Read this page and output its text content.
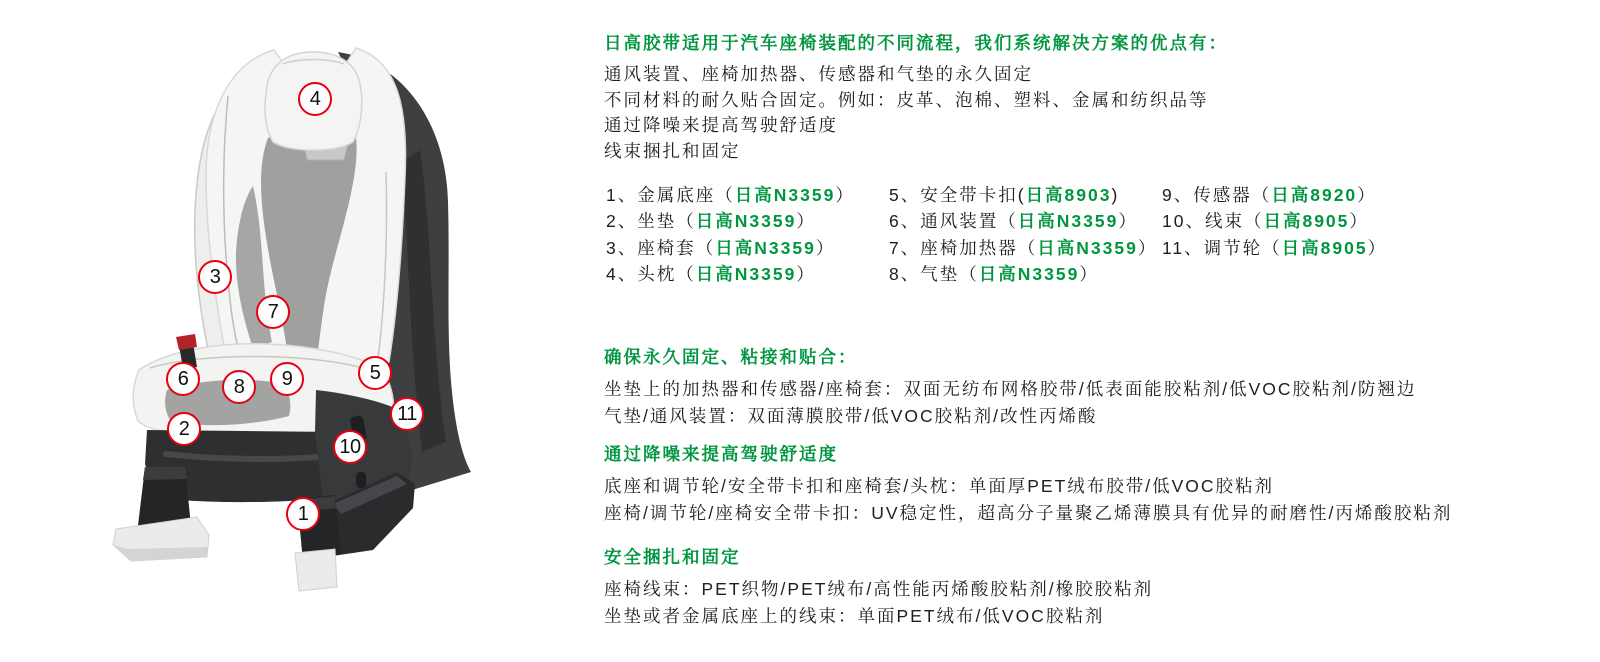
1
2
3
4
5
6
7
8 9
10
11
日高胶带适用于汽车座椅装配的不同流程，我们系统解决方案的优点有：
通风装置、座椅加热器、传感器和气垫的永久固定
不同材料的耐久贴合固定。例如：皮革、泡棉、塑料、金属和纺织品等
通过降噪来提高驾驶舒适度
线束捆扎和固定
1、金属底座（日高N3359）
2、坐垫（日高N3359）
3、座椅套（日高N3359）
4、头枕（日高N3359）
5、安全带卡扣(日高8903)
6、通风装置（日高N3359）
7、座椅加热器（日高N3359）
8、气垫（日高N3359）
9、传感器（日高8920）
10、线束（日高8905）
11、调节轮（日高8905）
确保永久固定、粘接和贴合：
坐垫上的加热器和传感器/座椅套：双面无纺布网格胶带/低表面能胶粘剂/低VOC胶粘剂/防翘边
气垫/通风装置：双面薄膜胶带/低VOC胶粘剂/改性丙烯酸
通过降噪来提高驾驶舒适度
底座和调节轮/安全带卡扣和座椅套/头枕：单面厚PET绒布胶带/低VOC胶粘剂
座椅/调节轮/座椅安全带卡扣：UV稳定性，超高分子量聚乙烯薄膜具有优异的耐磨性/丙烯酸胶粘剂
安全捆扎和固定
座椅线束：PET织物/PET绒布/高性能丙烯酸胶粘剂/橡胶胶粘剂
坐垫或者金属底座上的线束：单面PET绒布/低VOC胶粘剂
